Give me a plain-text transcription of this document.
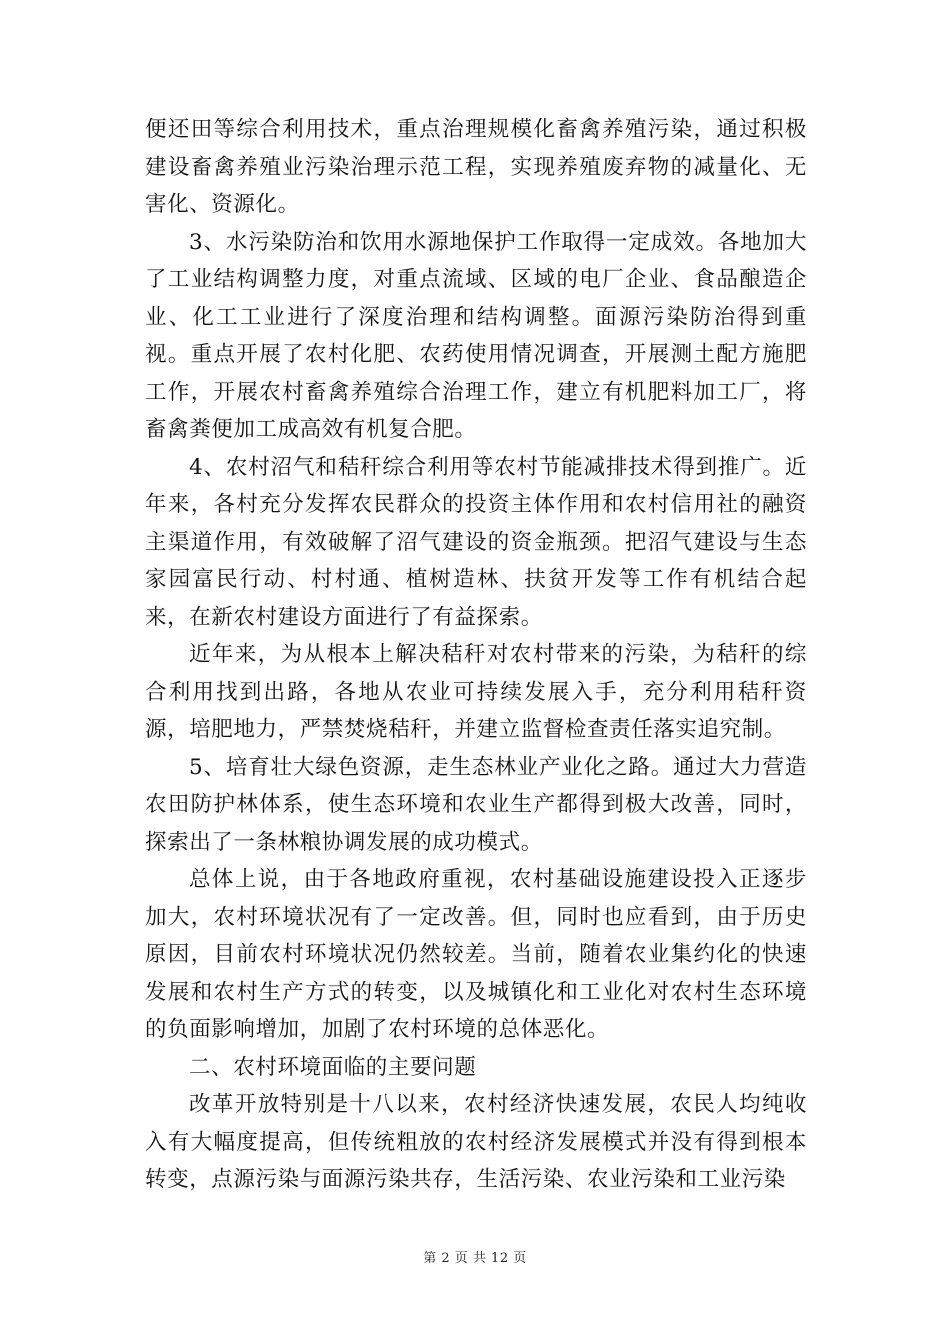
便还田等综合利用技术，重点治理规模化畜禽养殖污染，通过积极建设畜禽养殖业污染治理示范工程，实现养殖废弃物的减量化、无害化、资源化。

3、水污染防治和饮用水源地保护工作取得一定成效。各地加大了工业结构调整力度，对重点流域、区域的电厂企业、食品酿造企业、化工工业进行了深度治理和结构调整。面源污染防治得到重视。重点开展了农村化肥、农药使用情况调查，开展测土配方施肥工作，开展农村畜禽养殖综合治理工作，建立有机肥料加工厂，将畜禽粪便加工成高效有机复合肥。

4、农村沼气和秸秆综合利用等农村节能减排技术得到推广。近年来，各村充分发挥农民群众的投资主体作用和农村信用社的融资主渠道作用，有效破解了沼气建设的资金瓶颈。把沼气建设与生态家园富民行动、村村通、植树造林、扶贫开发等工作有机结合起来，在新农村建设方面进行了有益探索。

近年来，为从根本上解决秸秆对农村带来的污染，为秸秆的综合利用找到出路，各地从农业可持续发展入手，充分利用秸秆资源，培肥地力，严禁焚烧秸秆，并建立监督检查责任落实追究制。

5、培育壮大绿色资源，走生态林业产业化之路。通过大力营造农田防护林体系，使生态环境和农业生产都得到极大改善，同时，探索出了一条林粮协调发展的成功模式。

总体上说，由于各地政府重视，农村基础设施建设投入正逐步加大，农村环境状况有了一定改善。但，同时也应看到，由于历史原因，目前农村环境状况仍然较差。当前，随着农业集约化的快速发展和农村生产方式的转变，以及城镇化和工业化对农村生态环境的负面影响增加，加剧了农村环境的总体恶化。

二、农村环境面临的主要问题

改革开放特别是十八以来，农村经济快速发展，农民人均纯收入有大幅度提高，但传统粗放的农村经济发展模式并没有得到根本转变，点源污染与面源污染共存，生活污染、农业污染和工业污染

第 2 页 共 12 页
